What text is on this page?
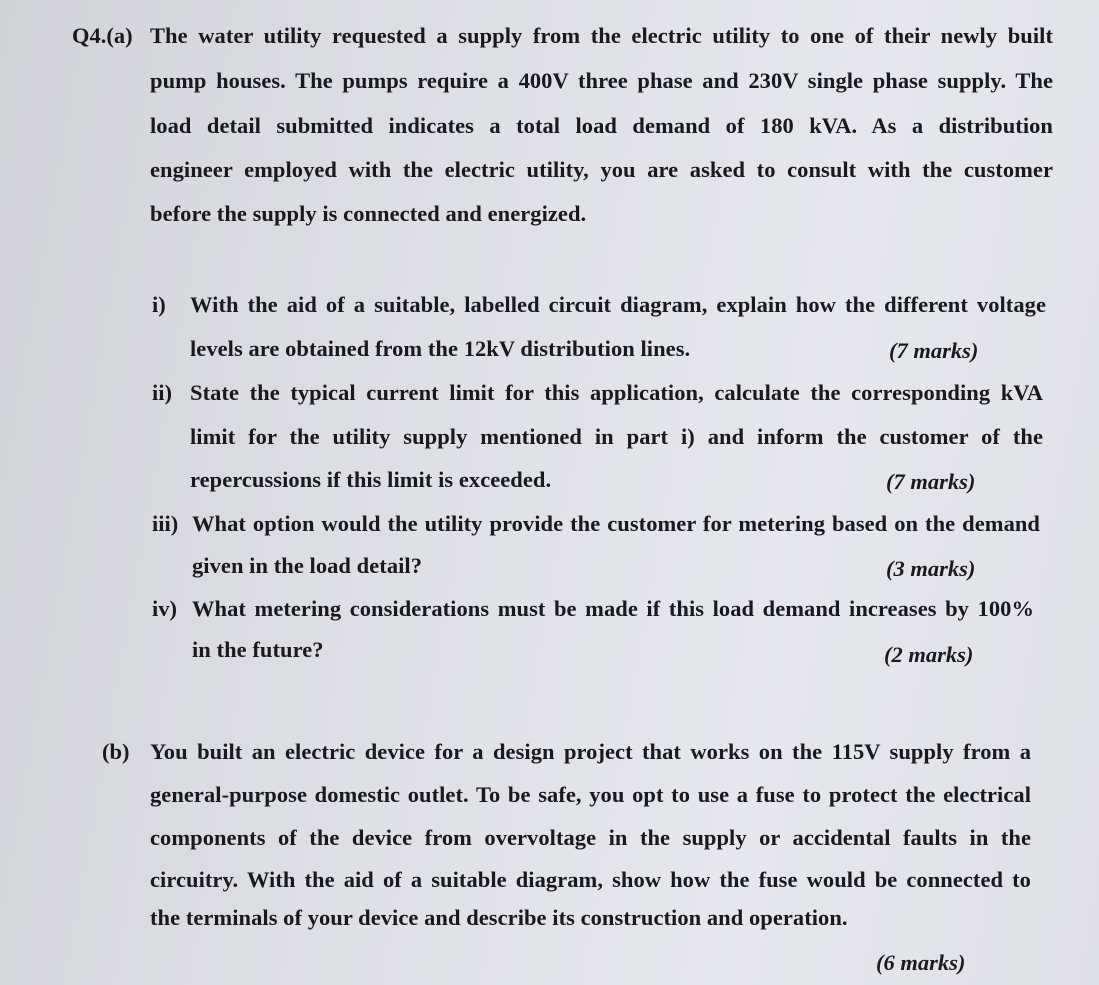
Q4.(a) The water utility requested a supply from the electric utility to one of their newly built
pump houses. The pumps require a 400V three phase and 230V single phase supply. The
load detail submitted indicates a total load demand of 180 kVA. As a distribution
engineer employed with the electric utility, you are asked to consult with the customer
before the supply is connected and energized.
i) With the aid of a suitable, labelled circuit diagram, explain how the different voltage
levels are obtained from the 12kV distribution lines.	(7 marks)
ii) State the typical current limit for this application, calculate the corresponding kVA
limit for the utility supply mentioned in part i) and inform the customer of the
repercussions if this limit is exceeded.	(7 marks)
iii) What option would the utility provide the customer for metering based on the demand
given in the load detail?	(3 marks)
iv) What metering considerations must be made if this load demand increases by 100%
in the future?	(2 marks)
(b) You built an electric device for a design project that works on the 115V supply from a
general-purpose domestic outlet. To be safe, you opt to use a fuse to protect the electrical
components of the device from overvoltage in the supply or accidental faults in the
circuitry. With the aid of a suitable diagram, show how the fuse would be connected to
the terminals of your device and describe its construction and operation.
(6 marks)
